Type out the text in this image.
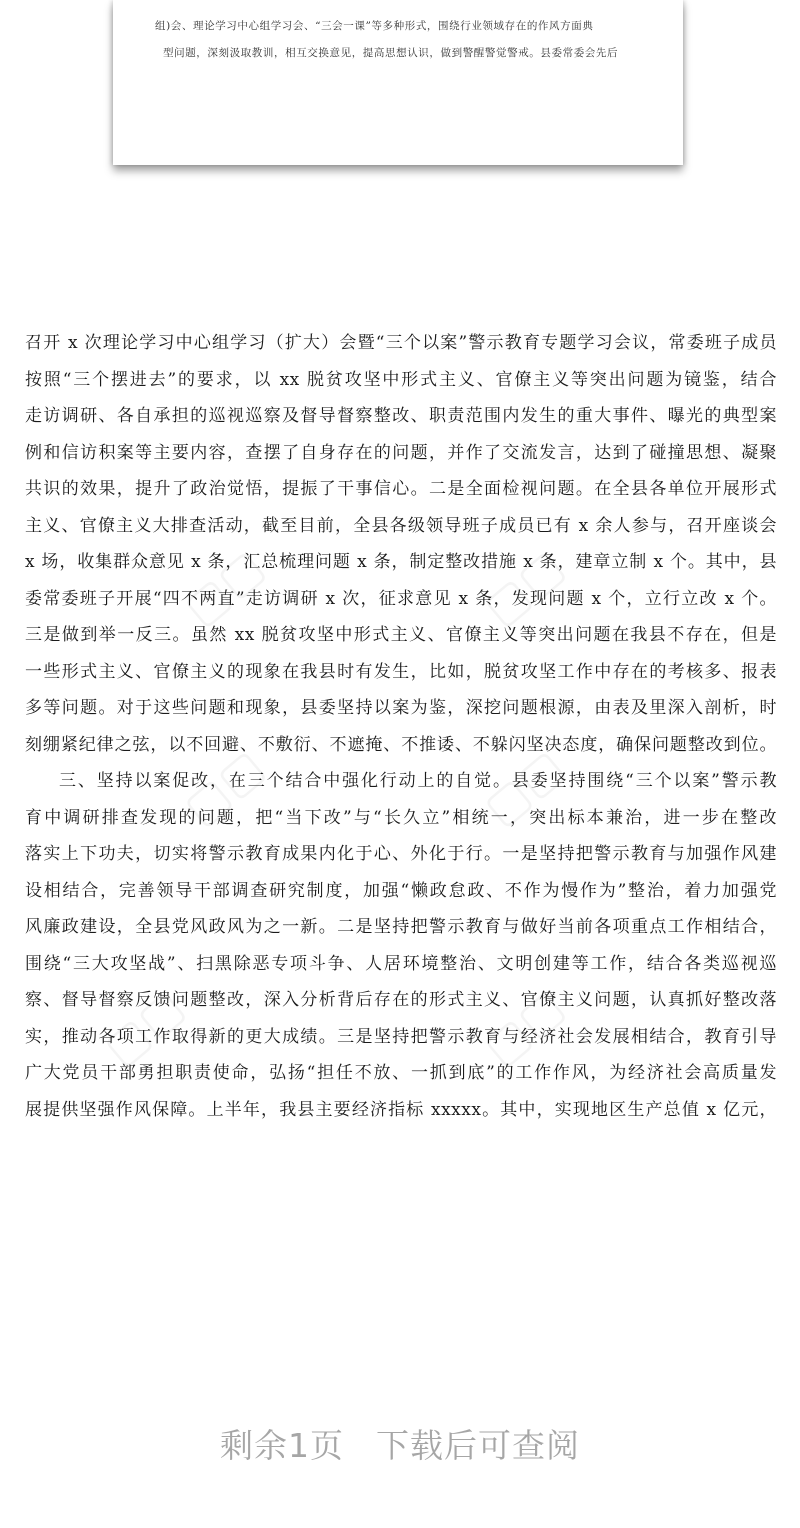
组)会、理论学习中心组学习会、“三会一课”等多种形式，围绕行业领域存在的作风方面典
型问题，深刻汲取教训，相互交换意见，提高思想认识，做到警醒警觉警戒。县委常委会先后
召开 x 次理论学习中心组学习（扩大）会暨“三个以案”警示教育专题学习会议，常委班子成员
按照“三个摆进去”的要求，以 xx 脱贫攻坚中形式主义、官僚主义等突出问题为镜鉴，结合
走访调研、各自承担的巡视巡察及督导督察整改、职责范围内发生的重大事件、曝光的典型案
例和信访积案等主要内容，查摆了自身存在的问题，并作了交流发言，达到了碰撞思想、凝聚
共识的效果，提升了政治觉悟，提振了干事信心。二是全面检视问题。在全县各单位开展形式
主义、官僚主义大排查活动，截至目前，全县各级领导班子成员已有 x 余人参与，召开座谈会
x 场，收集群众意见 x 条，汇总梳理问题 x 条，制定整改措施 x 条，建章立制 x 个。其中，县
委常委班子开展“四不两直”走访调研 x 次，征求意见 x 条，发现问题 x 个，立行立改 x 个。
三是做到举一反三。虽然 xx 脱贫攻坚中形式主义、官僚主义等突出问题在我县不存在，但是
一些形式主义、官僚主义的现象在我县时有发生，比如，脱贫攻坚工作中存在的考核多、报表
多等问题。对于这些问题和现象，县委坚持以案为鉴，深挖问题根源，由表及里深入剖析，时
刻绷紧纪律之弦，以不回避、不敷衍、不遮掩、不推诿、不躲闪坚决态度，确保问题整改到位。
三、坚持以案促改，在三个结合中强化行动上的自觉。县委坚持围绕“三个以案”警示教
育中调研排查发现的问题，把“当下改”与“长久立”相统一，突出标本兼治，进一步在整改
落实上下功夫，切实将警示教育成果内化于心、外化于行。一是坚持把警示教育与加强作风建
设相结合，完善领导干部调查研究制度，加强“懒政怠政、不作为慢作为”整治，着力加强党
风廉政建设，全县党风政风为之一新。二是坚持把警示教育与做好当前各项重点工作相结合，
围绕“三大攻坚战”、扫黑除恶专项斗争、人居环境整治、文明创建等工作，结合各类巡视巡
察、督导督察反馈问题整改，深入分析背后存在的形式主义、官僚主义问题，认真抓好整改落
实，推动各项工作取得新的更大成绩。三是坚持把警示教育与经济社会发展相结合，教育引导
广大党员干部勇担职责使命，弘扬“担任不放、一抓到底”的工作作风，为经济社会高质量发
展提供坚强作风保障。上半年，我县主要经济指标 xxxxx。其中，实现地区生产总值 x 亿元，
剩余1页 下载后可查阅
